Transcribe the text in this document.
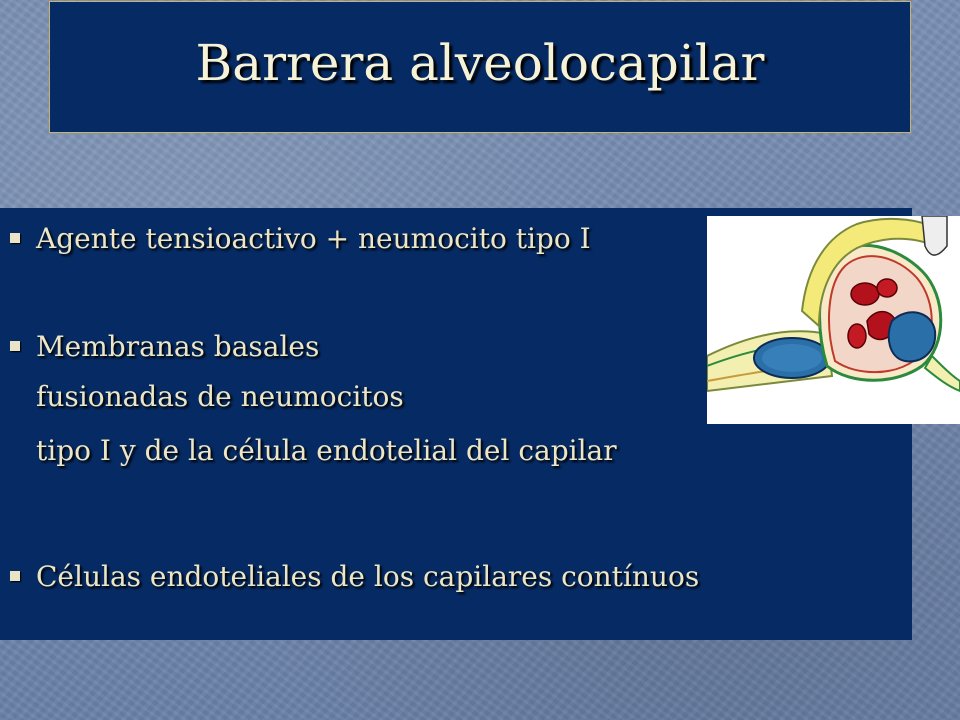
Barrera alveolocapilar
Agente tensioactivo + neumocito tipo I
Membranas basales
fusionadas de neumocitos
tipo I y de la célula endotelial del capilar
Células endoteliales de los capilares contínuos
